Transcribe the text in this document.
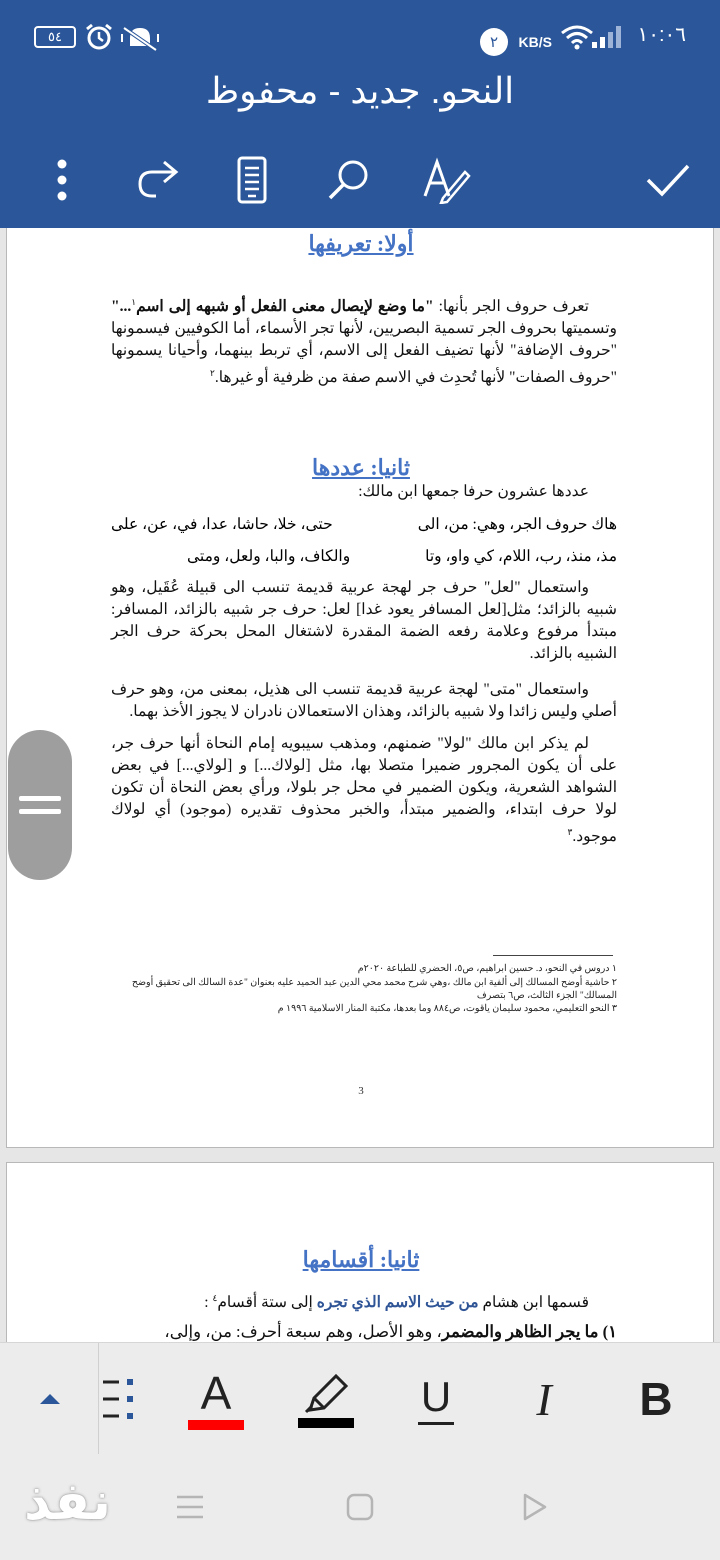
١٠:٠٦
KB/S
٢
٥٤
النحو. جديد - محفوظ
أولا: تعريفها

تعرف حروف الجر بأنها: "ما وضع لإيصال معنى الفعل أو شبهه إلى اسم$^١$..." وتسميتها بحروف الجر تسمية البصريين، لأنها تجر الأسماء، أما الكوفيين فيسمونها "حروف الإضافة" لأنها تضيف الفعل إلى الاسم، أي تربط بينهما، وأحيانا يسمونها "حروف الصفات" لأنها تُحدِث في الاسم صفة من ظرفية أو غيرها.$^٢$

ثانيا: عددها

عددها عشرون حرفا جمعها ابن مالك:

هاك حروف الجر، وهي: من، الى
حتى، خلا، حاشا، عدا، في، عن، على
مذ، منذ، رب، اللام، كي واو، وتا
والكاف، والبا، ولعل، ومتى

واستعمال "لعل" حرف جر لهجة عربية قديمة تنسب الى قبيلة عُقَيل، وهو شبيه بالزائد؛ مثل[لعل المسافر يعود غدا] لعل: حرف جر شبيه بالزائد، المسافر: مبتدأ مرفوع وعلامة رفعه الضمة المقدرة لاشتغال المحل بحركة حرف الجر الشبيه بالزائد.

واستعمال "متى" لهجة عربية قديمة تنسب الى هذيل، بمعنى من، وهو حرف أصلي وليس زائدا ولا شبيه بالزائد، وهذان الاستعمالان نادران لا يجوز الأخذ بهما.

لم يذكر ابن مالك "لولا" ضمنهم، ومذهب سيبويه إمام النحاة أنها حرف جر، على أن يكون المجرور ضميرا متصلا بها، مثل [لولاك...] و [لولاي...] في بعض الشواهد الشعرية، ويكون الضمير في محل جر بلولا، ورأي بعض النحاة أن تكون لولا حرف ابتداء، والضمير مبتدأ، والخبر محذوف تقديره (موجود) أي لولاك موجود.$^٣$

١ دروس في النحو، د. حسين ابراهيم، ص٥، الحضري للطباعة ٢٠٢٠م
٢ حاشية أوضح المسالك إلى ألفية ابن مالك ،وهي شرح محمد محي الدين عبد الحميد عليه بعنوان "عدة السالك الى تحقيق أوضح المسالك" الجزء الثالث، ص٦ بتصرف
٣ النحو التعليمي، محمود سليمان ياقوت، ص٨٨٤ وما بعدها، مكتبة المنار الاسلامية ١٩٩٦ م
3
ثانيا: أقسامها

قسمها ابن هشام من حيث الاسم الذي تجره إلى ستة أقسام$^٤$ :

١) ما يجر الظاهر والمضمر، وهو الأصل، وهم سبعة أحرف: من، وإلى،

A	U I B
نفذ
